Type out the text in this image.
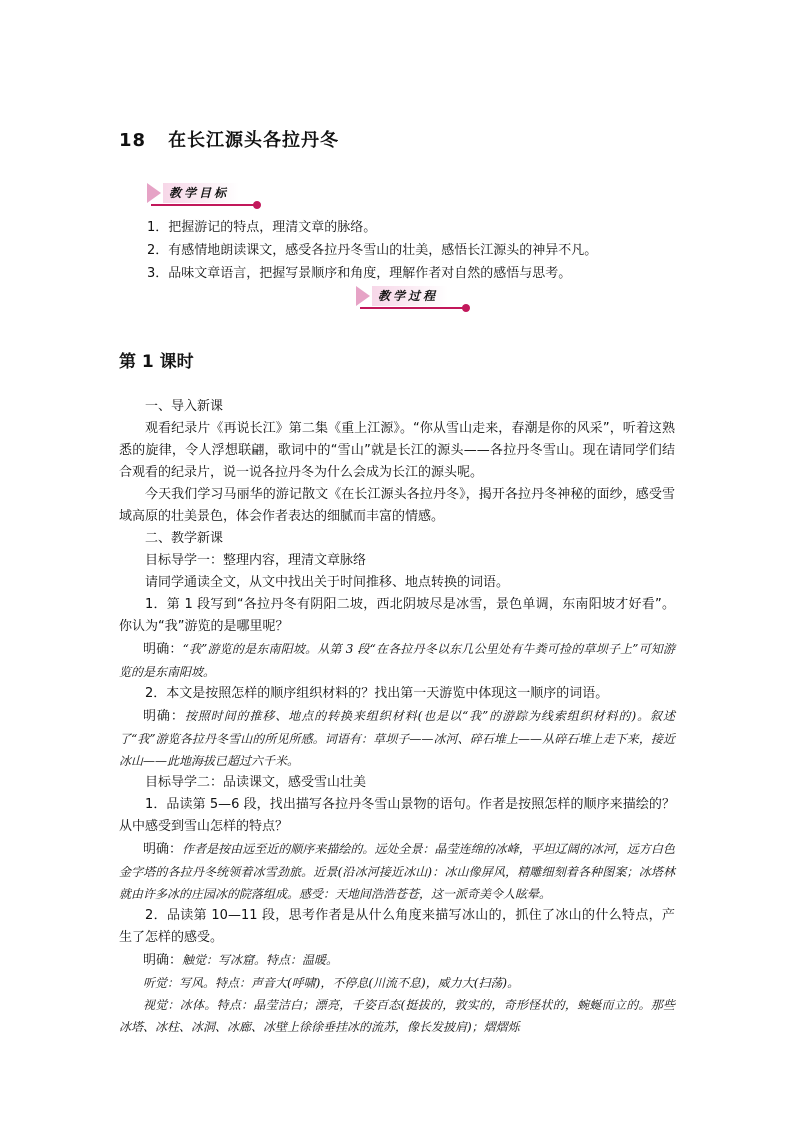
18 在长江源头各拉丹冬
教学目标
1．把握游记的特点，理清文章的脉络。
2．有感情地朗读课文，感受各拉丹冬雪山的壮美，感悟长江源头的神异不凡。
3．品味文章语言，把握写景顺序和角度，理解作者对自然的感悟与思考。
教学过程
第 1 课时

一、导入新课

观看纪录片《再说长江》第二集《重上江源》。“你从雪山走来，春潮是你的风采”，听着这熟悉的旋律，令人浮想联翩，歌词中的“雪山”就是长江的源头——各拉丹冬雪山。现在请同学们结合观看的纪录片，说一说各拉丹冬为什么会成为长江的源头呢。

今天我们学习马丽华的游记散文《在长江源头各拉丹冬》，揭开各拉丹冬神秘的面纱，感受雪域高原的壮美景色，体会作者表达的细腻而丰富的情感。

二、教学新课

目标导学一：整理内容，理清文章脉络

请同学通读全文，从文中找出关于时间推移、地点转换的词语。

1．第 1 段写到“各拉丹冬有阴阳二坡，西北阴坡尽是冰雪，景色单调，东南阳坡才好看”。你认为“我”游览的是哪里呢？

明确：“我”游览的是东南阳坡。从第 3 段“在各拉丹冬以东几公里处有牛粪可捡的草坝子上”可知游览的是东南阳坡。

2．本文是按照怎样的顺序组织材料的？找出第一天游览中体现这一顺序的词语。

明确：按照时间的推移、地点的转换来组织材料(也是以“我”的游踪为线索组织材料的)。叙述了“我”游览各拉丹冬雪山的所见所感。词语有：草坝子——冰河、碎石堆上——从碎石堆上走下来，接近冰山——此地海拔已超过六千米。

目标导学二：品读课文，感受雪山壮美

1．品读第 5—6 段，找出描写各拉丹冬雪山景物的语句。作者是按照怎样的顺序来描绘的？从中感受到雪山怎样的特点？

明确：作者是按由远至近的顺序来描绘的。远处全景：晶莹连绵的冰峰，平坦辽阔的冰河，远方白色金字塔的各拉丹冬统领着冰雪劲旅。近景(沿冰河接近冰山)：冰山像屏风，精雕细刻着各种图案；冰塔林就由许多冰的庄园冰的院落组成。感受：天地间浩浩苍苍，这一派奇美令人眩晕。

2．品读第 10—11 段，思考作者是从什么角度来描写冰山的，抓住了冰山的什么特点，产生了怎样的感受。

明确：触觉：写冰窟。特点：温暖。

听觉：写风。特点：声音大(呼啸)，不停息(川流不息)，威力大(扫荡)。

视觉：冰体。特点：晶莹洁白；漂亮，千姿百态(挺拔的，敦实的，奇形怪状的，蜿蜒而立的。那些冰塔、冰柱、冰洞、冰廊、冰壁上徐徐垂挂冰的流苏，像长发披肩)；熠熠烁
